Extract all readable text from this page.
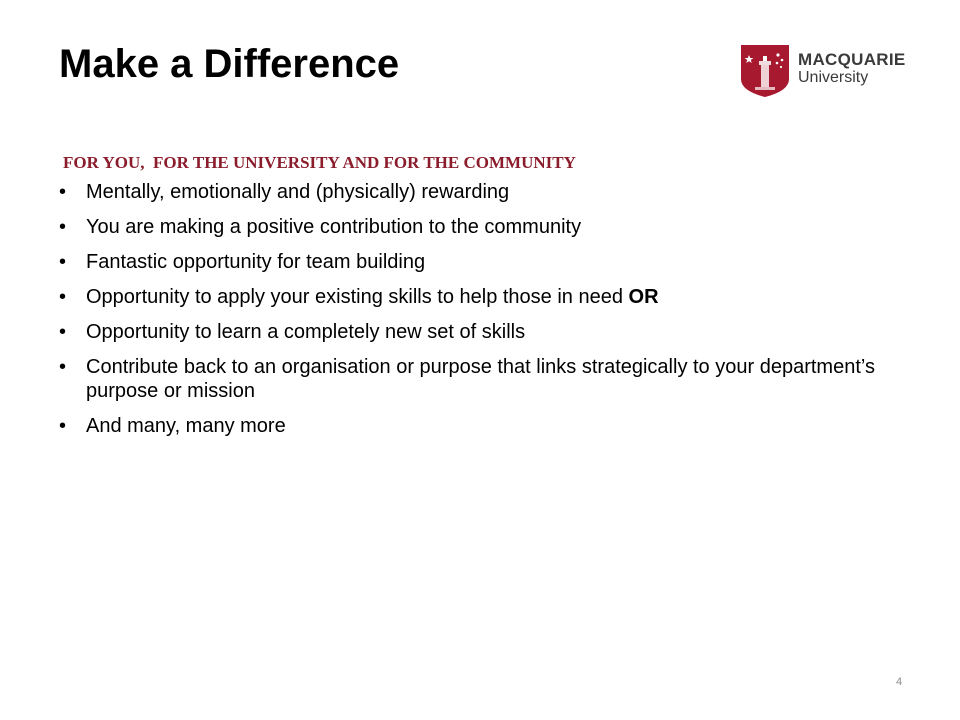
Make a Difference	MACQUARIE
University
FOR YOU,  FOR THE UNIVERSITY AND FOR THE COMMUNITY
• Mentally, emotionally and (physically) rewarding
• You are making a positive contribution to the community
• Fantastic opportunity for team building
• Opportunity to apply your existing skills to help those in need OR
• Opportunity to learn a completely new set of skills
• Contribute back to an organisation or purpose that links strategically to your department’s purpose or mission
• And many, many more
4
